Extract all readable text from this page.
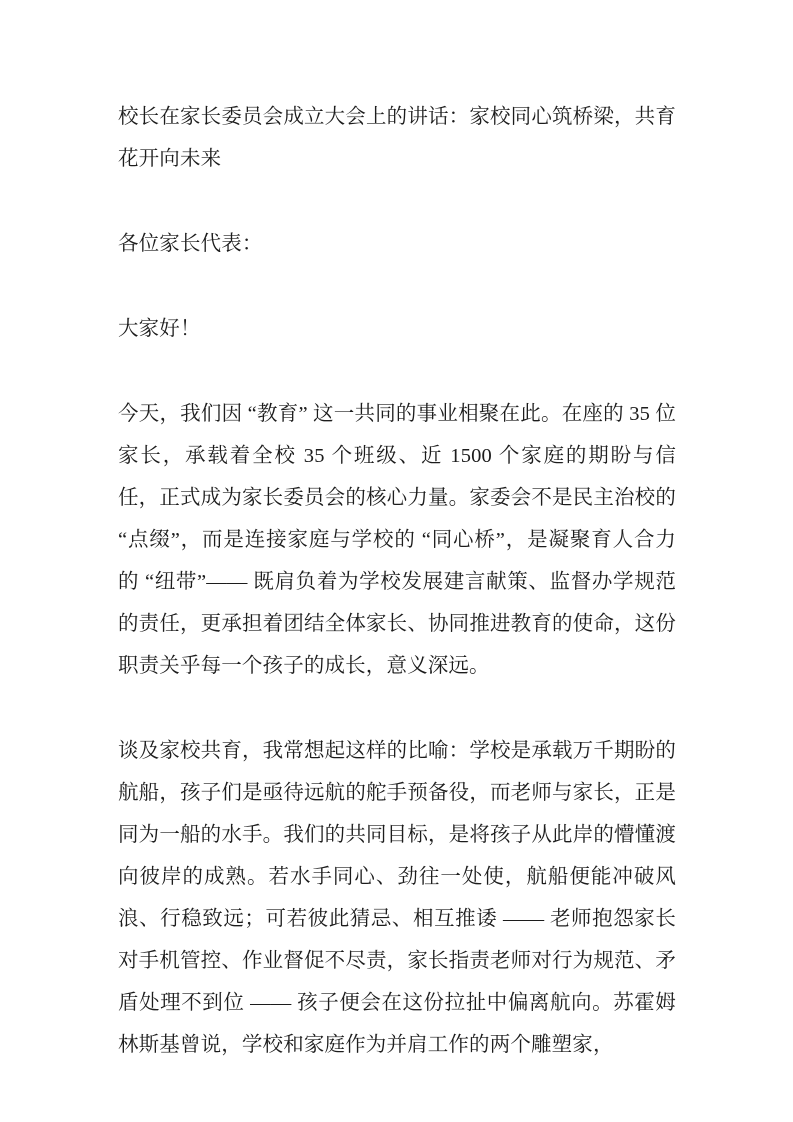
校长在家长委员会成立大会上的讲话：家校同心筑桥梁，共育花开向未来

各位家长代表：

大家好！

今天，我们因 “教育” 这一共同的事业相聚在此。在座的 35 位家长，承载着全校 35 个班级、近 1500 个家庭的期盼与信任，正式成为家长委员会的核心力量。家委会不是民主治校的 “点缀”，而是连接家庭与学校的 “同心桥”，是凝聚育人合力的 “纽带”—— 既肩负着为学校发展建言献策、监督办学规范的责任，更承担着团结全体家长、协同推进教育的使命，这份职责关乎每一个孩子的成长，意义深远。

谈及家校共育，我常想起这样的比喻：学校是承载万千期盼的航船，孩子们是亟待远航的舵手预备役，而老师与家长，正是同为一船的水手。我们的共同目标，是将孩子从此岸的懵懂渡向彼岸的成熟。若水手同心、劲往一处使，航船便能冲破风浪、行稳致远；可若彼此猜忌、相互推诿 —— 老师抱怨家长对手机管控、作业督促不尽责，家长指责老师对行为规范、矛盾处理不到位 —— 孩子便会在这份拉扯中偏离航向。苏霍姆林斯基曾说，学校和家庭作为并肩工作的两个雕塑家，
